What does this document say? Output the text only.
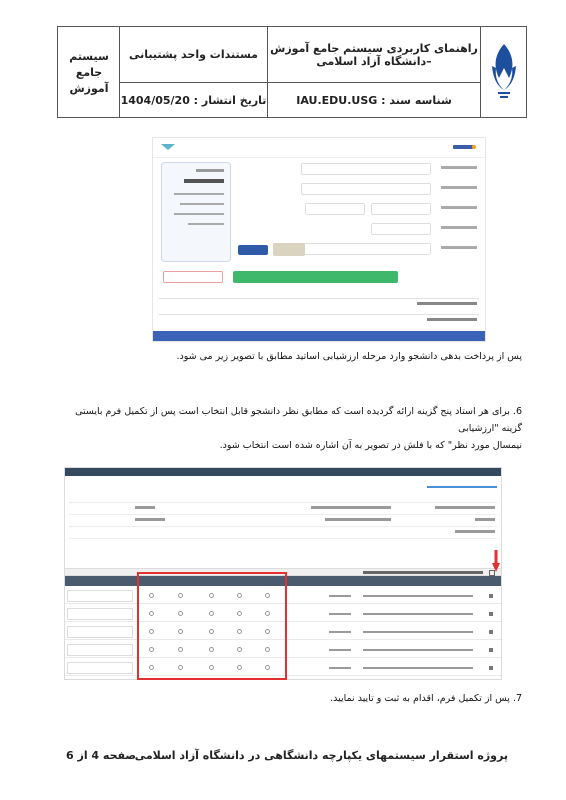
راهنمای کاربردی سیستم جامع آموزش –دانشگاه آزاد اسلامی
شناسه سند : IAU.EDU.USG
مستندات واحد پشتیبانی
تاریخ انتشار : 1404/05/20
سیستم
جامع
آموزش
پس از پرداخت بدهی دانشجو وارد مرحله ارزشیابی اساتید مطابق با تصویر زیر می شود.
6. برای هر استاد پنج گزینه ارائه گردیده است که مطابق نظر دانشجو قابل انتخاب است پس از تکمیل فرم بایستی گزینه "ارزشیابی
نیمسال مورد نظر" که با فلش در تصویر به آن اشاره شده است انتخاب شود.
7. پس از تکمیل فرم، اقدام به ثبت و تایید نمایید.
پروژه استقرار سیستمهای یکپارچه دانشگاهی در دانشگاه آزاد اسلامی
صفحه 4 از 6
